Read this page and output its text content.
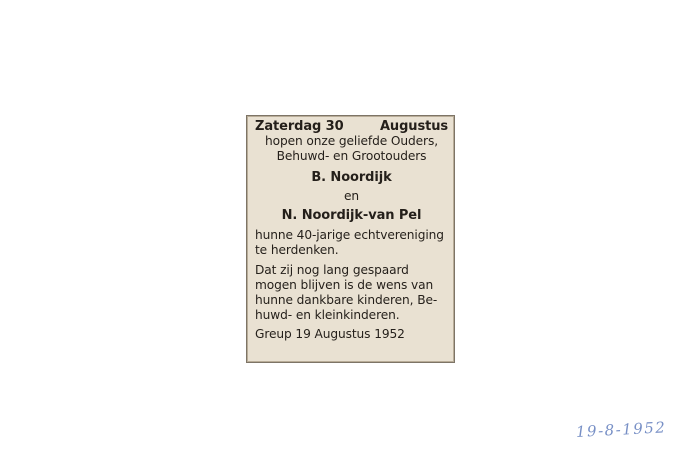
Zaterdag 30	Augustus
hopen onze geliefde Ouders,
Behuwd- en Grootouders
B. Noordijk
en
N. Noordijk-van Pel
hunne 40-jarige echtvereniging
te herdenken.
Dat zij nog lang gespaard
mogen blijven is de wens van
hunne dankbare kinderen, Be-
huwd- en kleinkinderen.
Greup 19 Augustus 1952
19-8-1952
